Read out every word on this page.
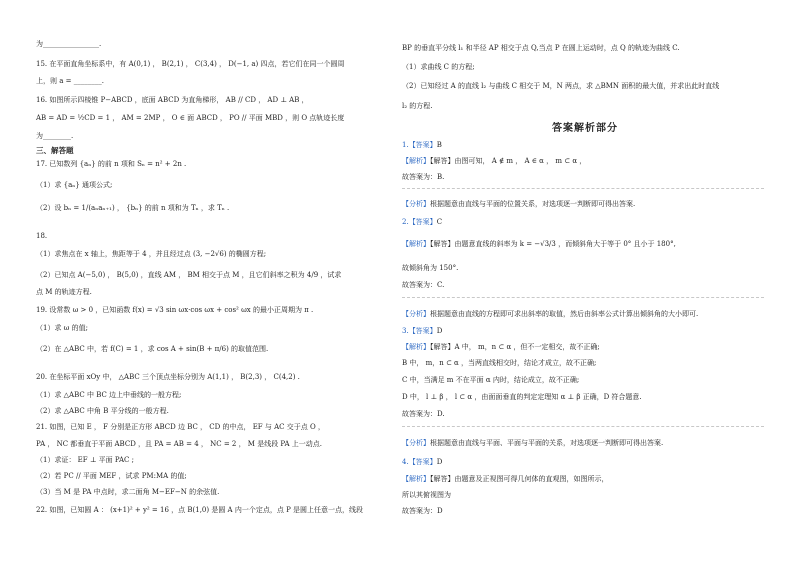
为________________.
15. 在平面直角坐标系中，有 A(0,1) ， B(2,1) ， C(3,4) ， D(−1, a) 四点，若它们在同一个圆周
上，则 a = ________.
16. 如图所示四棱锥 P−ABCD ，底面 ABCD 为直角梯形， AB // CD ， AD ⊥ AB ，
AB = AD = ½CD = 1 ， AM = 2MP ， O ∈ 面 ABCD ， PO // 平面 MBD ，则 O 点轨迹长度
为________.
三、解答题
17. 已知数列 {aₙ} 的前 n 项和 Sₙ = n² + 2n .
（1）求 {aₙ} 通项公式;
（2）设 bₙ = 1/(aₙaₙ₊₁) ， {bₙ} 的前 n 项和为 Tₙ ，求 Tₙ .
18.
（1）求焦点在 x 轴上，焦距等于 4 ，并且经过点 (3, −2√6) 的椭圆方程;
（2）已知点 A(−5,0) ， B(5,0) ，直线 AM ， BM 相交于点 M ，且它们斜率之积为 4/9 ，试求
点 M 的轨迹方程.
19. 设常数 ω > 0 ，已知函数 f(x) = √3 sin ωx·cos ωx + cos² ωx 的最小正周期为 π .
（1）求 ω 的值;
（2）在 △ABC 中，若 f(C) = 1 ，求 cos A + sin(B + π/6) 的取值范围.
20. 在坐标平面 xOy 中， △ABC 三个顶点坐标分别为 A(1,1) ， B(2,3) ， C(4,2) .
（1）求 △ABC 中 BC 边上中垂线的一般方程;
（2）求 △ABC 中角 B 平分线的一般方程.
21. 如图，已知 E ， F 分别是正方形 ABCD 边 BC ， CD 的中点， EF 与 AC 交于点 O ，
PA ， NC 都垂直于平面 ABCD ，且 PA = AB = 4 ， NC = 2 ， M 是线段 PA 上一动点.
（1）求证： EF ⊥ 平面 PAC ;
（2）若 PC // 平面 MEF ，试求 PM:MA 的值;
（3）当 M 是 PA 中点时，求二面角 M−EF−N 的余弦值.
22. 如图，已知圆 A ： (x+1)² + y² = 16 ，点 B(1,0) 是圆 A 内一个定点，点 P 是圆上任意一点，线段
BP 的垂直平分线 l₁ 和半径 AP 相交于点 Q,当点 P 在圆上运动时，点 Q 的轨迹为曲线 C.
（1）求曲线 C 的方程;
（2）已知经过 A 的直线 l₂ 与曲线 C 相交于 M，N 两点，求 △BMN 面积的最大值，并求出此时直线
l₂ 的方程.
答案解析部分
1.【答案】B
【解析】【解答】由图可知， A ∉ m ， A ∈ α ， m ⊂ α ，
故答案为：B.
【分析】根据题意由直线与平面的位置关系，对选项逐一判断即可得出答案.
2.【答案】C
【解析】【解答】由题意直线的斜率为 k = −√3/3 ，而倾斜角大于等于 0° 且小于 180°,
故倾斜角为 150°.
故答案为：C.
【分析】根据题意由直线的方程即可求出斜率的取值，然后由斜率公式计算出倾斜角的大小即可.
3.【答案】D
【解析】【解答】A 中， m，n ⊂ α ，但不一定相交，故不正确;
B 中， m，n ⊂ α ，当两直线相交时，结论才成立，故不正确;
C 中，当满足 m 不在平面 α 内时，结论成立，故不正确;
D 中， l ⊥ β ， l ⊂ α ，由面面垂直的判定定理知 α ⊥ β 正确，D 符合题意.
故答案为：D.
【分析】根据题意由直线与平面、平面与平面的关系，对选项逐一判断即可得出答案.
4.【答案】D
【解析】【解答】由题意及正视图可得几何体的直观图，如图所示，
所以其俯视图为
故答案为：D
